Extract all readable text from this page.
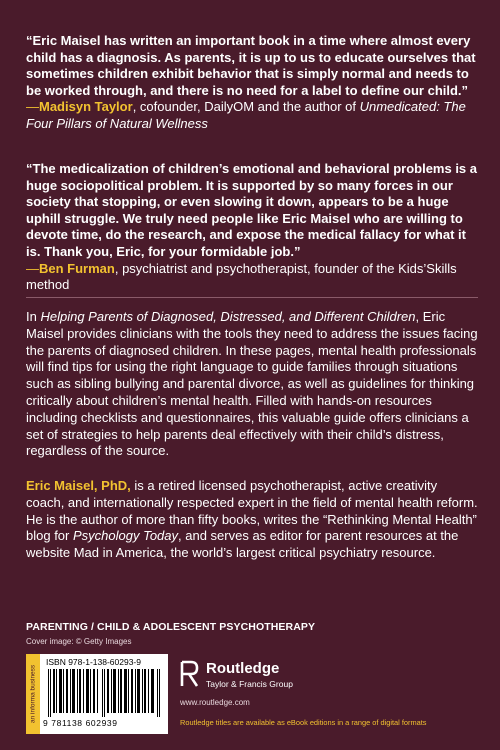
“Eric Maisel has written an important book in a time where almost every child has a diagnosis. As parents, it is up to us to educate ourselves that sometimes children exhibit behavior that is simply normal and needs to be worked through, and there is no need for a label to define our child.”

—Madisyn Taylor, cofounder, DailyOM and the author of Unmedicated: The Four Pillars of Natural Wellness

“The medicalization of children’s emotional and behavioral problems is a huge sociopolitical problem. It is supported by so many forces in our society that stopping, or even slowing it down, appears to be a huge uphill struggle. We truly need people like Eric Maisel who are willing to devote time, do the research, and expose the medical fallacy for what it is. Thank you, Eric, for your formidable job.”

—Ben Furman, psychiatrist and psychotherapist, founder of the Kids’Skills method

In Helping Parents of Diagnosed, Distressed, and Different Children, Eric Maisel provides clinicians with the tools they need to address the issues facing the parents of diagnosed children. In these pages, mental health professionals will find tips for using the right language to guide families through situations such as sibling bullying and parental divorce, as well as guidelines for thinking critically about children’s mental health. Filled with hands-on resources including checklists and questionnaires, this valuable guide offers clinicians a set of strategies to help parents deal effectively with their child’s distress, regardless of the source.

Eric Maisel, PhD, is a retired licensed psychotherapist, active creativity coach, and internationally respected expert in the field of mental health reform. He is the author of more than fifty books, writes the “Rethinking Mental Health” blog for Psychology Today, and serves as editor for parent resources at the website Mad in America, the world’s largest critical psychiatry resource.

PARENTING / CHILD & ADOLESCENT PSYCHOTHERAPY
Cover image: © Getty Images
an informa business
ISBN 978-1-138-60293-9
9 781138 602939
Routledge
Taylor & Francis Group
www.routledge.com
Routledge titles are available as eBook editions in a range of digital formats
